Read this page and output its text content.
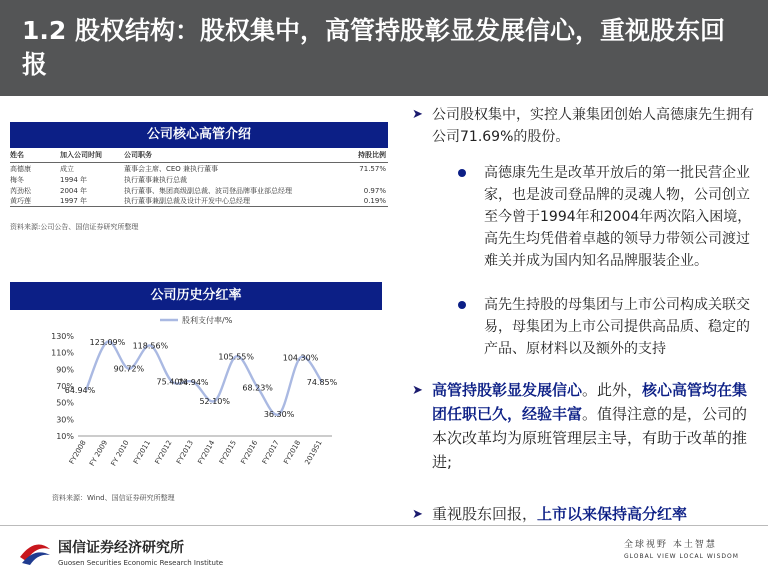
1.2 股权结构：股权集中，高管持股彰显发展信心，重视股东回报
公司核心高管介绍
姓名	加入公司时间	公司职务	持股比例
高德康	成立	董事会主席、CEO 兼执行董事	71.57%
梅冬	1994 年	执行董事兼执行总裁
芮劲松	2004 年	执行董事、集团高级副总裁、波司登品牌事业部总经理	0.97%
黄巧莲	1997 年	执行董事兼副总裁及设计开发中心总经理	0.19%
资料来源:公司公告、国信证券研究所整理
公司历史分红率
10%
30%
50%
70%
90%
110%
130%
FY2008 FY 2009 FY 2010 FY2011 FY2012 FY2013 FY2014 FY2015 FY2016 FY2017 FY2018 2019S1
股利支付率/%
64.94%
123.09%
90.72%
118.56%
75.40%
74.94%
52.10%
105.55%
68.23%
36.30%
104.30%
74.85%
资料来源：Wind、国信证券研究所整理
➤ 公司股权集中，实控人兼集团创始人高德康先生拥有公司71.69%的股份。
高德康先生是改革开放后的第一批民营企业家，也是波司登品牌的灵魂人物，公司创立至今曾于1994年和2004年两次陷入困境，高先生均凭借着卓越的领导力带领公司渡过难关并成为国内知名品牌服装企业。
高先生持股的母集团与上市公司构成关联交易，母集团为上市公司提供高品质、稳定的产品、原材料以及额外的支持
➤ 高管持股彰显发展信心。此外，核心高管均在集团任职已久，经验丰富。值得注意的是，公司的本次改革均为原班管理层主导，有助于改革的推进;
➤ 重视股东回报，上市以来保持高分红率
国信证券经济研究所
Guosen Securities Economic Research Institute
全球视野 本土智慧
GLOBAL VIEW LOCAL WISDOM
